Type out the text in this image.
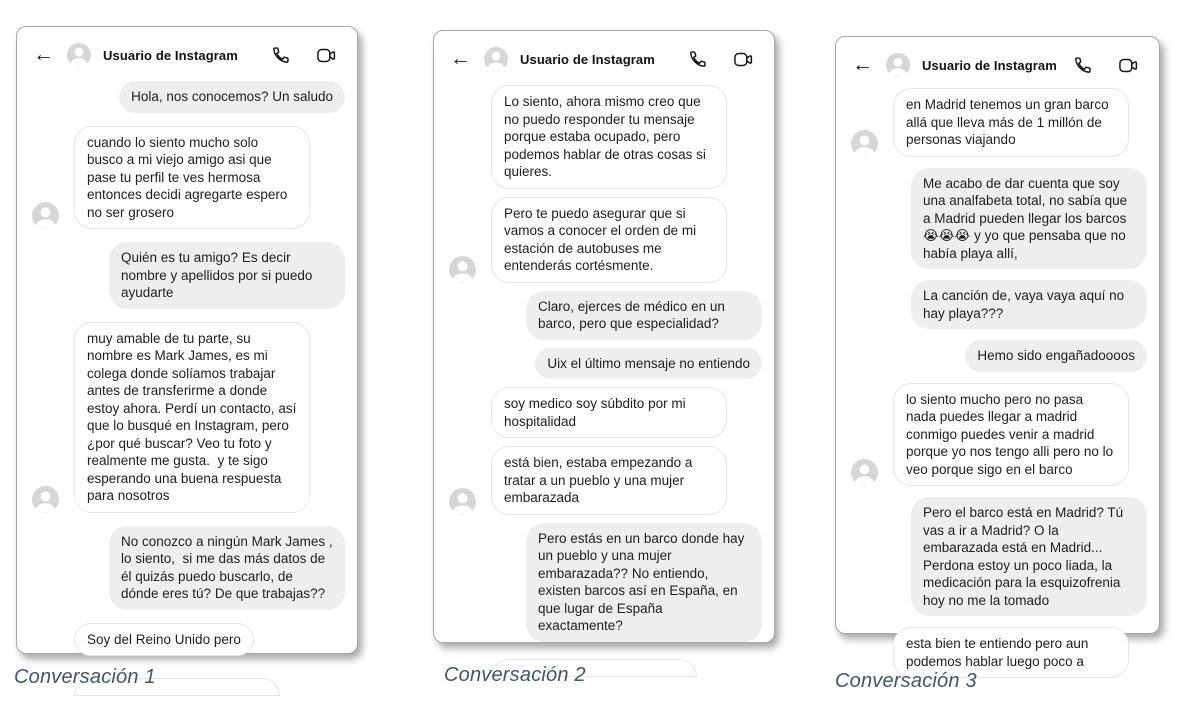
←	Usuario de Instagram
Hola, nos conocemos? Un saludo
cuando lo siento mucho solo busco a mi viejo amigo asi que pase tu perfil te ves hermosa entonces decidi agregarte espero no ser grosero
Quién es tu amigo? Es decir nombre y apellidos por si puedo ayudarte
muy amable de tu parte, su nombre es Mark James, es mi colega donde solíamos trabajar antes de transferirme a donde estoy ahora. Perdí un contacto, así que lo busqué en Instagram, pero ¿por qué buscar? Veo tu foto y realmente me gusta.  y te sigo esperando una buena respuesta para nosotros
No conozco a ningún Mark James , lo siento,  si me das más datos de él quizás puedo buscarlo, de dónde eres tú? De que trabajas??
Soy del Reino Unido pero

Conversación 1

←	Usuario de Instagram
Lo siento, ahora mismo creo que no puedo responder tu mensaje porque estaba ocupado, pero podemos hablar de otras cosas si quieres.
Pero te puedo asegurar que si vamos a conocer el orden de mi estación de autobuses me entenderás cortésmente.
Claro, ejerces de médico en un barco, pero que especialidad?
Uix el último mensaje no entiendo
soy medico soy súbdito por mi hospitalidad
está bien, estaba empezando a tratar a un pueblo y una mujer embarazada
Pero estás en un barco donde hay un pueblo y una mujer embarazada?? No entiendo, existen barcos así en España, en que lugar de España exactamente?

Conversación 2

←	Usuario de Instagram
en Madrid tenemos un gran barco allá que lleva más de 1 millón de personas viajando
Me acabo de dar cuenta que soy una analfabeta total, no sabía que a Madrid pueden llegar los barcos 😭😭😭 y yo que pensaba que no había playa allí,
La canción de, vaya vaya aquí no hay playa???
Hemo sido engañadoooos
lo siento mucho pero no pasa nada puedes llegar a madrid conmigo puedes venir a madrid porque yo nos tengo alli pero no lo veo porque sigo en el barco
Pero el barco está en Madrid? Tú vas a ir a Madrid? O la embarazada está en Madrid... Perdona estoy un poco liada, la medicación para la esquizofrenia hoy no me la tomado
esta bien te entiendo pero aun podemos hablar luego poco a

Conversación 3
